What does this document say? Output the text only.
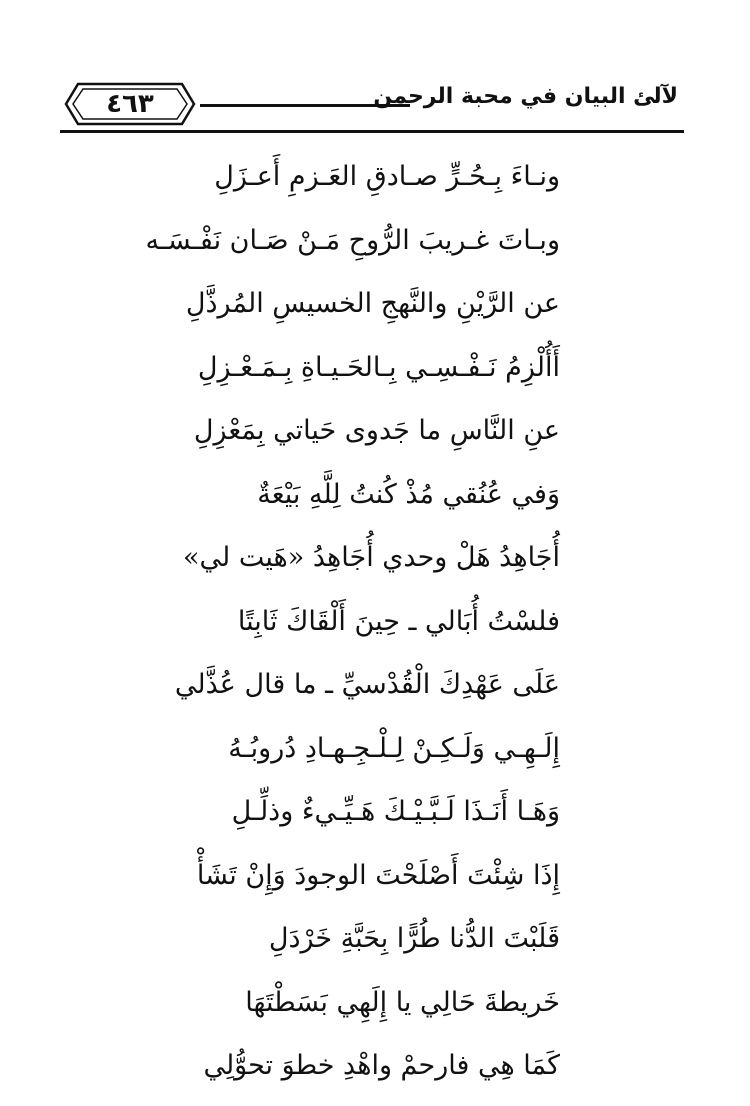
٤٦٣	لآلئ البيان في محبة الرحمن
ونـاءَ بِـحُـرٍّ صـادقِ العَـزمِ أَعـزَلِ
وبـاتَ غـريبَ الرُّوحِ مَـنْ صَـان نَفْـسَـه
عن الرَّيْنِ والنَّهجِ الخسيسِ المُرذَّلِ
أَأُلْزِمُ نَـفْـسِـي بِـالحَـيـاةِ بِـمَـعْـزِلِ
عنِ النَّاسِ ما جَدوى حَياتي بِمَعْزِلِ
وَفي عُنُقي مُذْ كُنتُ لِلَّهِ بَيْعَةٌ
أُجَاهِدُ هَلْ وحدي أُجَاهِدُ «هَيت لي»
فلسْتُ أُبَالي ـ حِينَ أَلْقَاكَ ثَابِتًا
عَلَى عَهْدِكَ الْقُدْسيِّ ـ ما قال عُذَّلي
إِلَـهِـي وَلَـكِـنْ لِـلْـجِـهـادِ دُروبُـهُ
وَهَـا أَنَـذَا لَـبَّـيْـكَ هَـيِّـيءٌ وذلِّـلِ
إِذَا شِئْتَ أَصْلَحْتَ الوجودَ وَإِنْ تَشَأْ
قَلَبْتَ الدُّنا طُرًّا بِحَبَّةِ خَرْدَلِ
خَريطةَ حَالِي يا إِلَهِي بَسَطْتَهَا
كَمَا هِي فارحمْ واهْدِ خطوَ تحوُّلِي
